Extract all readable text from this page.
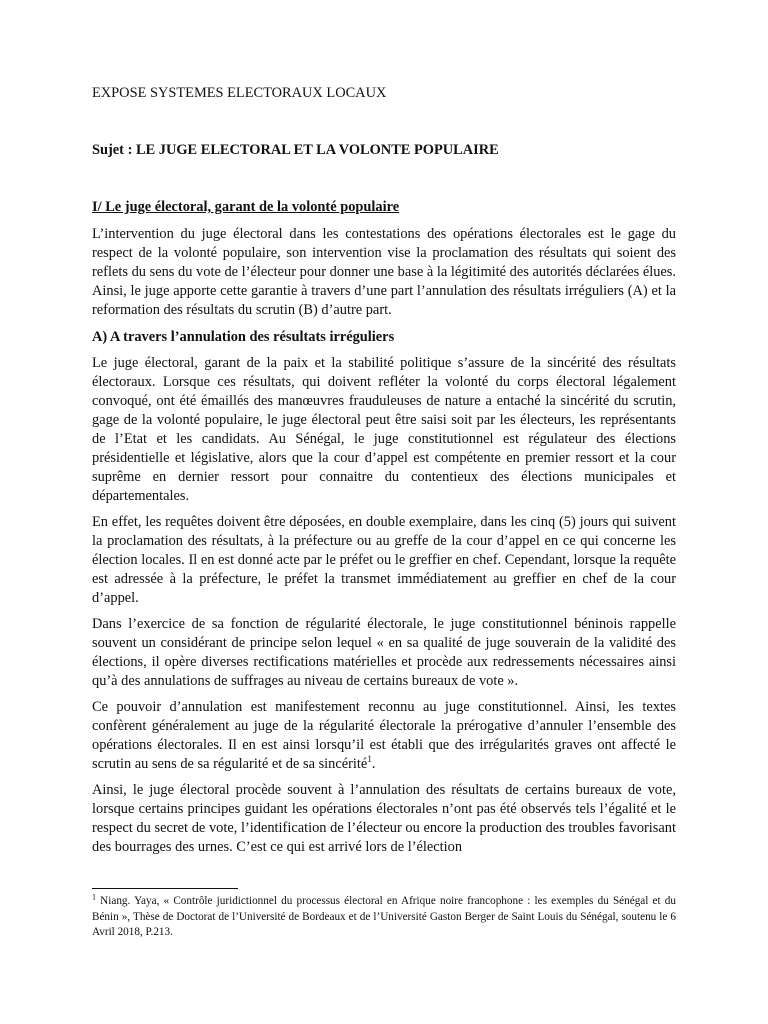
EXPOSE SYSTEMES ELECTORAUX LOCAUX
Sujet : LE JUGE ELECTORAL ET LA VOLONTE POPULAIRE
I/ Le juge électoral, garant de la volonté populaire

L’intervention du juge électoral dans les contestations des opérations électorales est le gage du respect de la volonté populaire, son intervention vise la proclamation des résultats qui soient des reflets du sens du vote de l’électeur pour donner une base à la légitimité des autorités déclarées élues. Ainsi, le juge apporte cette garantie à travers d’une part l’annulation des résultats irréguliers (A) et la reformation des résultats du scrutin (B) d’autre part.

A) A travers l’annulation des résultats irréguliers

Le juge électoral, garant de la paix et la stabilité politique s’assure de la sincérité des résultats électoraux. Lorsque ces résultats, qui doivent refléter la volonté du corps électoral légalement convoqué, ont été émaillés des manœuvres frauduleuses de nature a entaché la sincérité du scrutin, gage de la volonté populaire, le juge électoral peut être saisi soit par les électeurs, les représentants de l’Etat et les candidats. Au Sénégal, le juge constitutionnel est régulateur des élections présidentielle et législative, alors que la cour d’appel est compétente en premier ressort et la cour suprême en dernier ressort pour connaitre du contentieux des élections municipales et départementales.

En effet, les requêtes doivent être déposées, en double exemplaire, dans les cinq (5) jours qui suivent la proclamation des résultats, à la préfecture ou au greffe de la cour d’appel en ce qui concerne les élection locales. Il en est donné acte par le préfet ou le greffier en chef. Cependant, lorsque la requête est adressée à la préfecture, le préfet la transmet immédiatement au greffier en chef de la cour d’appel.

Dans l’exercice de sa fonction de régularité électorale, le juge constitutionnel béninois rappelle souvent un considérant de principe selon lequel « en sa qualité de juge souverain de la validité des élections, il opère diverses rectifications matérielles et procède aux redressements nécessaires ainsi qu’à des annulations de suffrages au niveau de certains bureaux de vote ».

Ce pouvoir d’annulation est manifestement reconnu au juge constitutionnel. Ainsi, les textes confèrent généralement au juge de la régularité électorale la prérogative d’annuler l’ensemble des opérations électorales. Il en est ainsi lorsqu’il est établi que des irrégularités graves ont affecté le scrutin au sens de sa régularité et de sa sincérité$^1$.

Ainsi, le juge électoral procède souvent à l’annulation des résultats de certains bureaux de vote, lorsque certains principes guidant les opérations électorales n’ont pas été observés tels l’égalité et le respect du secret de vote, l’identification de l’électeur ou encore la production des troubles favorisant des bourrages des urnes. C’est ce qui est arrivé lors de l’élection

$^1$ Niang. Yaya, « Contrôle juridictionnel du processus électoral en Afrique noire francophone : les exemples du Sénégal et du Bénin », Thèse de Doctorat de l’Université de Bordeaux et de l’Université Gaston Berger de Saint Louis du Sénégal, soutenu le 6 Avril 2018, P.213.
